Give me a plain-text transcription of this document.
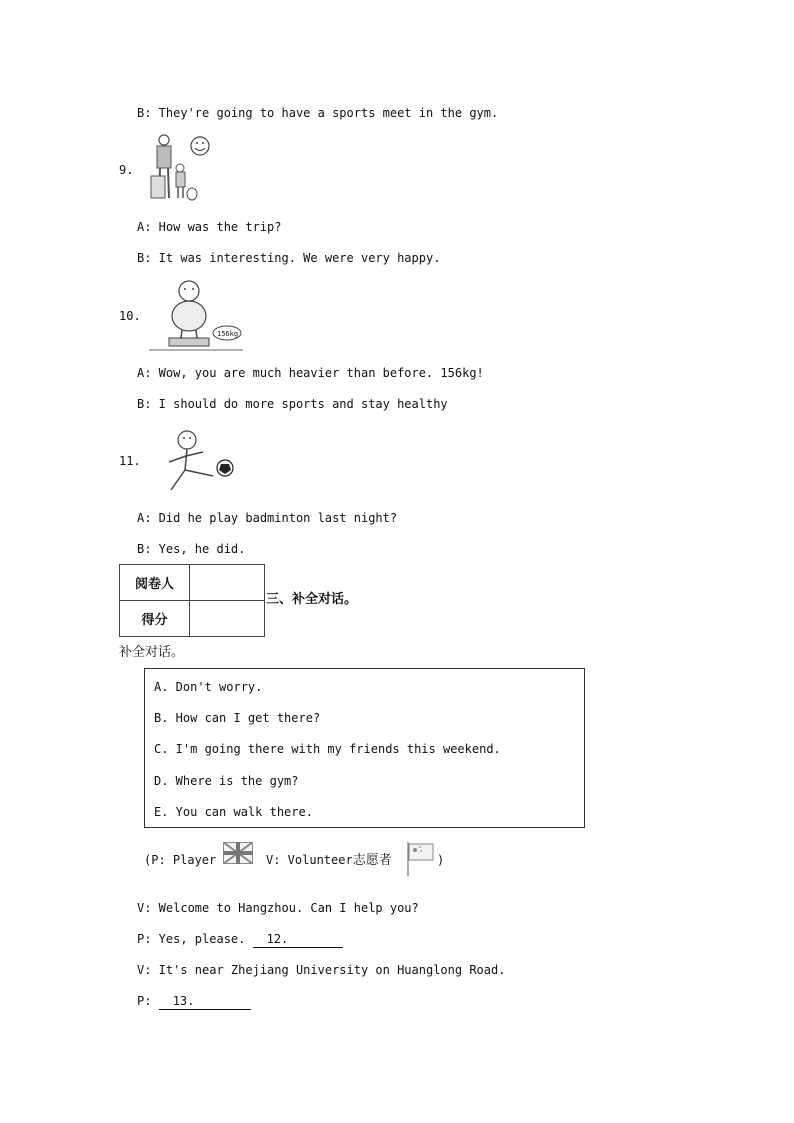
B: They're going to have a sports meet in the gym.
9.
A: How was the trip?
B: It was interesting. We were very happy.
10.
156kg
A: Wow, you are much heavier than before. 156kg!
B: I should do more sports and stay healthy
11.
A: Did he play badminton last night?
B: Yes, he did.
阅卷人	
得分	
三、补全对话。
补全对话。
A. Don't worry.
B. How can I get there?
C. I'm going there with my friends this weekend.
D. Where is the gym?
E. You can walk there.
(P: Player	V: Volunteer志愿者	)
V: Welcome to Hangzhou. Can I help you?
P: Yes, please. 12.
V: It's near Zhejiang University on Huanglong Road.
P: 13.
